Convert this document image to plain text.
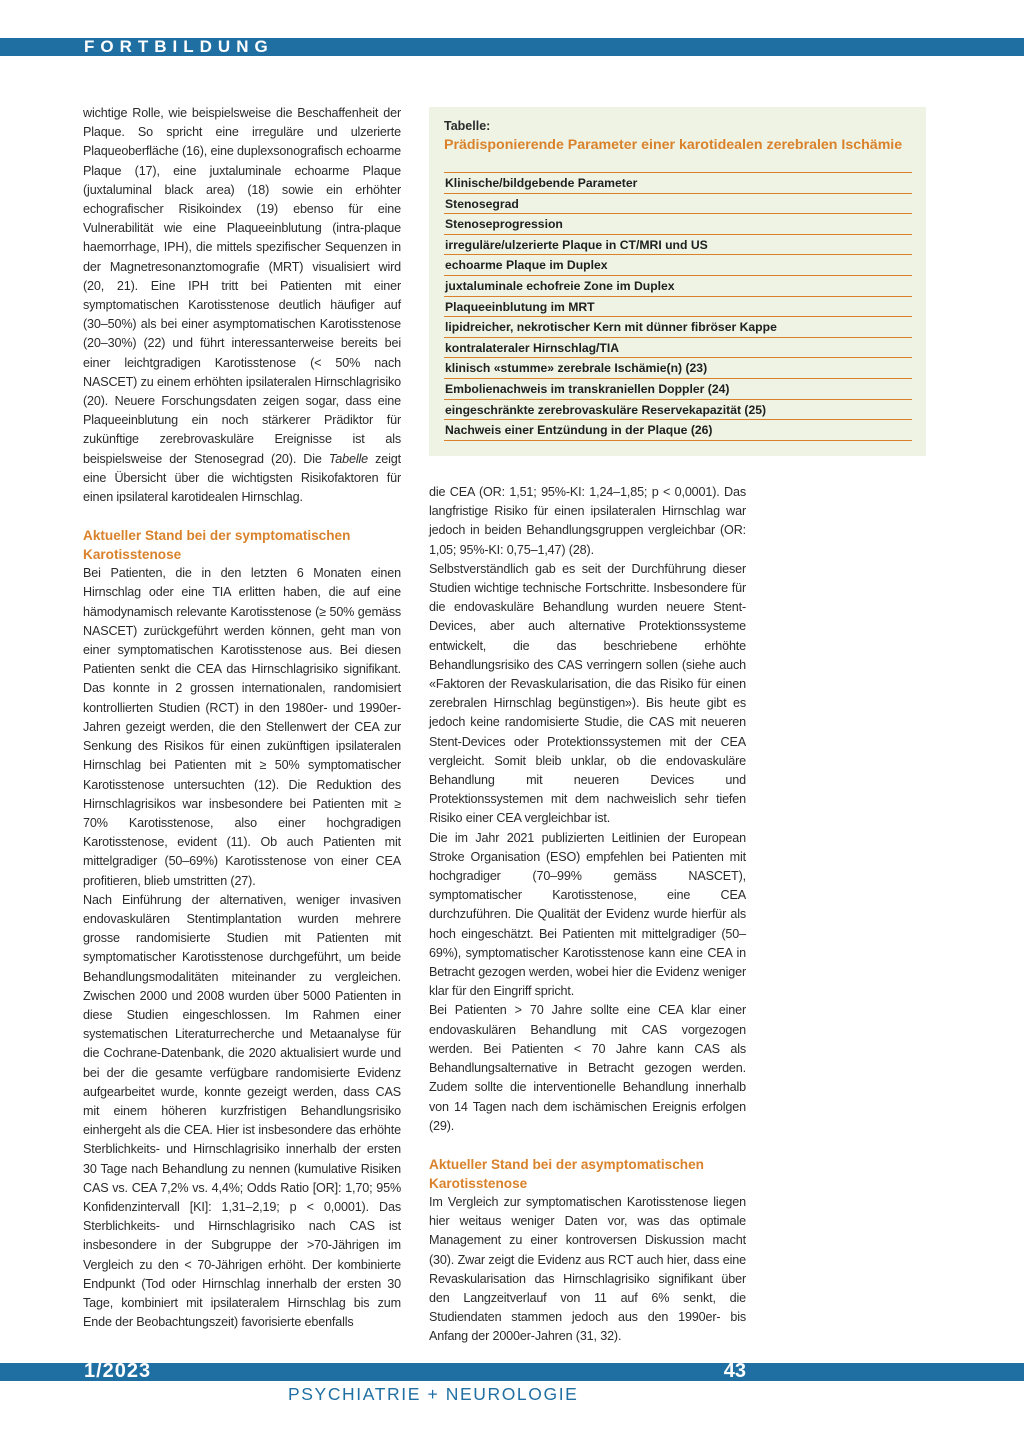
FORTBILDUNG

wichtige Rolle, wie beispielsweise die Beschaffenheit der Plaque. So spricht eine irreguläre und ulzerierte Plaqueoberfläche (16), eine duplexsonografisch echoarme Plaque (17), eine juxtaluminale echoarme Plaque (juxtaluminal black area) (18) sowie ein erhöhter echografischer Risikoindex (19) ebenso für eine Vulnerabilität wie eine Plaqueeinblutung (intra-plaque haemorrhage, IPH), die mittels spezifischer Sequenzen in der Magnetresonanztomografie (MRT) visualisiert wird (20, 21). Eine IPH tritt bei Patienten mit einer symptomatischen Karotisstenose deutlich häufiger auf (30–50%) als bei einer asymptomatischen Karotisstenose (20–30%) (22) und führt interessanterweise bereits bei einer leichtgradigen Karotisstenose (< 50% nach NASCET) zu einem erhöhten ipsilateralen Hirnschlagrisiko (20). Neuere Forschungsdaten zeigen sogar, dass eine Plaqueeinblutung ein noch stärkerer Prädiktor für zukünftige zerebrovaskuläre Ereignisse ist als beispielsweise der Stenosegrad (20). Die Tabelle zeigt eine Übersicht über die wichtigsten Risikofaktoren für einen ipsilateral karotidealen Hirnschlag.

Aktueller Stand bei der symptomatischen Karotisstenose

Bei Patienten, die in den letzten 6 Monaten einen Hirnschlag oder eine TIA erlitten haben, die auf eine hämodynamisch relevante Karotisstenose (≥ 50% gemäss NASCET) zurückgeführt werden können, geht man von einer symptomatischen Karotisstenose aus. Bei diesen Patienten senkt die CEA das Hirnschlagrisiko signifikant. Das konnte in 2 grossen internationalen, randomisiert kontrollierten Studien (RCT) in den 1980er- und 1990er-Jahren gezeigt werden, die den Stellenwert der CEA zur Senkung des Risikos für einen zukünftigen ipsilateralen Hirnschlag bei Patienten mit ≥ 50% symptomatischer Karotisstenose untersuchten (12). Die Reduktion des Hirnschlagrisikos war insbesondere bei Patienten mit ≥ 70% Karotisstenose, also einer hochgradigen Karotisstenose, evident (11). Ob auch Patienten mit mittelgradiger (50–69%) Karotisstenose von einer CEA profitieren, blieb umstritten (27).

Nach Einführung der alternativen, weniger invasiven endovaskulären Stentimplantation wurden mehrere grosse randomisierte Studien mit Patienten mit symptomatischer Karotisstenose durchgeführt, um beide Behandlungsmodalitäten miteinander zu vergleichen. Zwischen 2000 und 2008 wurden über 5000 Patienten in diese Studien eingeschlossen. Im Rahmen einer systematischen Literaturrecherche und Metaanalyse für die Cochrane-Datenbank, die 2020 aktualisiert wurde und bei der die gesamte verfügbare randomisierte Evidenz aufgearbeitet wurde, konnte gezeigt werden, dass CAS mit einem höheren kurzfristigen Behandlungsrisiko einhergeht als die CEA. Hier ist insbesondere das erhöhte Sterblichkeits- und Hirnschlagrisiko innerhalb der ersten 30 Tage nach Behandlung zu nennen (kumulative Risiken CAS vs. CEA 7,2% vs. 4,4%; Odds Ratio [OR]: 1,70; 95% Konfidenzintervall [KI]: 1,31–2,19; p < 0,0001). Das Sterblichkeits- und Hirnschlagrisiko nach CAS ist insbesondere in der Subgruppe der >70-Jährigen im Vergleich zu den < 70-Jährigen erhöht. Der kombinierte Endpunkt (Tod oder Hirnschlag innerhalb der ersten 30 Tage, kombiniert mit ipsilateralem Hirnschlag bis zum Ende der Beobachtungszeit) favorisierte ebenfalls

Tabelle:

Prädisponierende Parameter einer karotidealen zerebralen Ischämie

Klinische/bildgebende Parameter
Stenosegrad
Stenoseprogression
irreguläre/ulzerierte Plaque in CT/MRI und US
echoarme Plaque im Duplex
juxtaluminale echofreie Zone im Duplex
Plaqueeinblutung im MRT
lipidreicher, nekrotischer Kern mit dünner fibröser Kappe
kontralateraler Hirnschlag/TIA
klinisch «stumme» zerebrale Ischämie(n) (23)
Embolienachweis im transkraniellen Doppler (24)
eingeschränkte zerebrovaskuläre Reservekapazität (25)
Nachweis einer Entzündung in der Plaque (26)

die CEA (OR: 1,51; 95%-KI: 1,24–1,85; p < 0,0001). Das langfristige Risiko für einen ipsilateralen Hirnschlag war jedoch in beiden Behandlungsgruppen vergleichbar (OR: 1,05; 95%-KI: 0,75–1,47) (28).

Selbstverständlich gab es seit der Durchführung dieser Studien wichtige technische Fortschritte. Insbesondere für die endovaskuläre Behandlung wurden neuere Stent-Devices, aber auch alternative Protektionssysteme entwickelt, die das beschriebene erhöhte Behandlungsrisiko des CAS verringern sollen (siehe auch «Faktoren der Revaskularisation, die das Risiko für einen zerebralen Hirnschlag begünstigen»). Bis heute gibt es jedoch keine randomisierte Studie, die CAS mit neueren Stent-Devices oder Protektionssystemen mit der CEA vergleicht. Somit bleib unklar, ob die endovaskuläre Behandlung mit neueren Devices und Protektionssystemen mit dem nachweislich sehr tiefen Risiko einer CEA vergleichbar ist.

Die im Jahr 2021 publizierten Leitlinien der European Stroke Organisation (ESO) empfehlen bei Patienten mit hochgradiger (70–99% gemäss NASCET), symptomatischer Karotisstenose, eine CEA durchzuführen. Die Qualität der Evidenz wurde hierfür als hoch eingeschätzt. Bei Patienten mit mittelgradiger (50–69%), symptomatischer Karotisstenose kann eine CEA in Betracht gezogen werden, wobei hier die Evidenz weniger klar für den Eingriff spricht.

Bei Patienten > 70 Jahre sollte eine CEA klar einer endovaskulären Behandlung mit CAS vorgezogen werden. Bei Patienten < 70 Jahre kann CAS als Behandlungsalternative in Betracht gezogen werden. Zudem sollte die interventionelle Behandlung innerhalb von 14 Tagen nach dem ischämischen Ereignis erfolgen (29).

Aktueller Stand bei der asymptomatischen Karotisstenose

Im Vergleich zur symptomatischen Karotisstenose liegen hier weitaus weniger Daten vor, was das optimale Management zu einer kontroversen Diskussion macht (30). Zwar zeigt die Evidenz aus RCT auch hier, dass eine Revaskularisation das Hirnschlagrisiko signifikant über den Langzeitverlauf von 11 auf 6% senkt, die Studiendaten stammen jedoch aus den 1990er- bis Anfang der 2000er-Jahren (31, 32).

1/2023	43

PSYCHIATRIE + NEUROLOGIE
